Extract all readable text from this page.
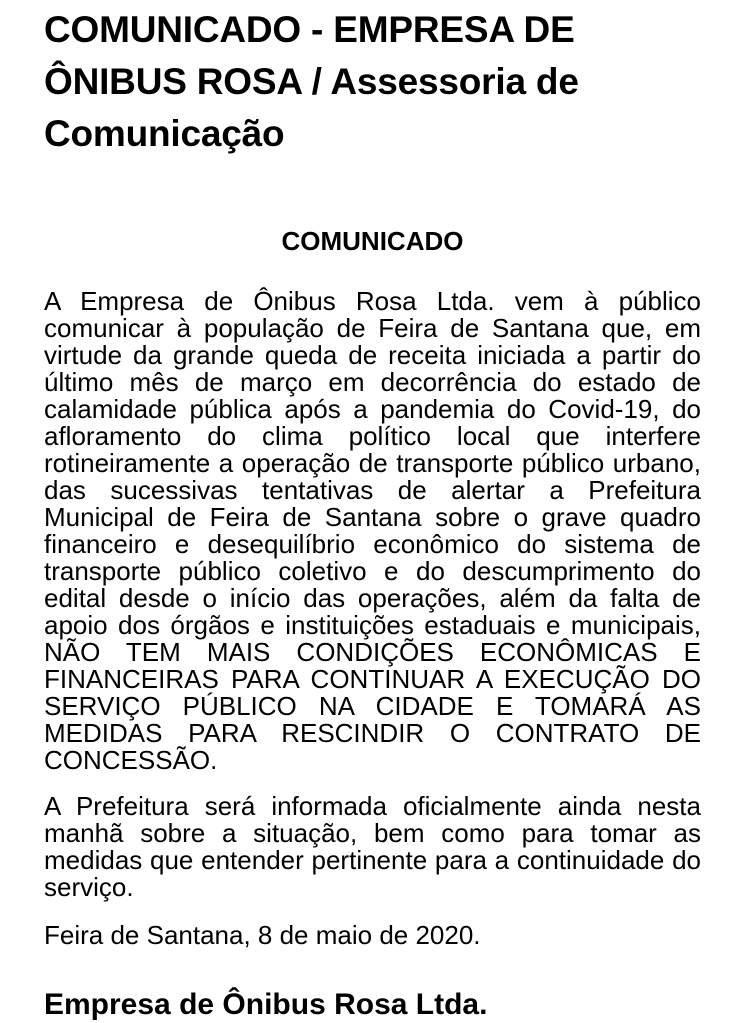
COMUNICADO - EMPRESA DE ÔNIBUS ROSA / Assessoria de Comunicação
COMUNICADO

A Empresa de Ônibus Rosa Ltda. vem à público comunicar à população de Feira de Santana que, em virtude da grande queda de receita iniciada a partir do último mês de março em decorrência do estado de calamidade pública após a pandemia do Covid-19, do afloramento do clima político local que interfere rotineiramente a operação de transporte público urbano, das sucessivas tentativas de alertar a Prefeitura Municipal de Feira de Santana sobre o grave quadro financeiro e desequilíbrio econômico do sistema de transporte público coletivo e do descumprimento do edital desde o início das operações, além da falta de apoio dos órgãos e instituições estaduais e municipais, NÃO TEM MAIS CONDIÇÕES ECONÔMICAS E FINANCEIRAS PARA CONTINUAR A EXECUÇÃO DO SERVIÇO PÚBLICO NA CIDADE E TOMARÁ AS MEDIDAS PARA RESCINDIR O CONTRATO DE CONCESSÃO.

A Prefeitura será informada oficialmente ainda nesta manhã sobre a situação, bem como para tomar as medidas que entender pertinente para a continuidade do serviço.

Feira de Santana, 8 de maio de 2020.

Empresa de Ônibus Rosa Ltda.
